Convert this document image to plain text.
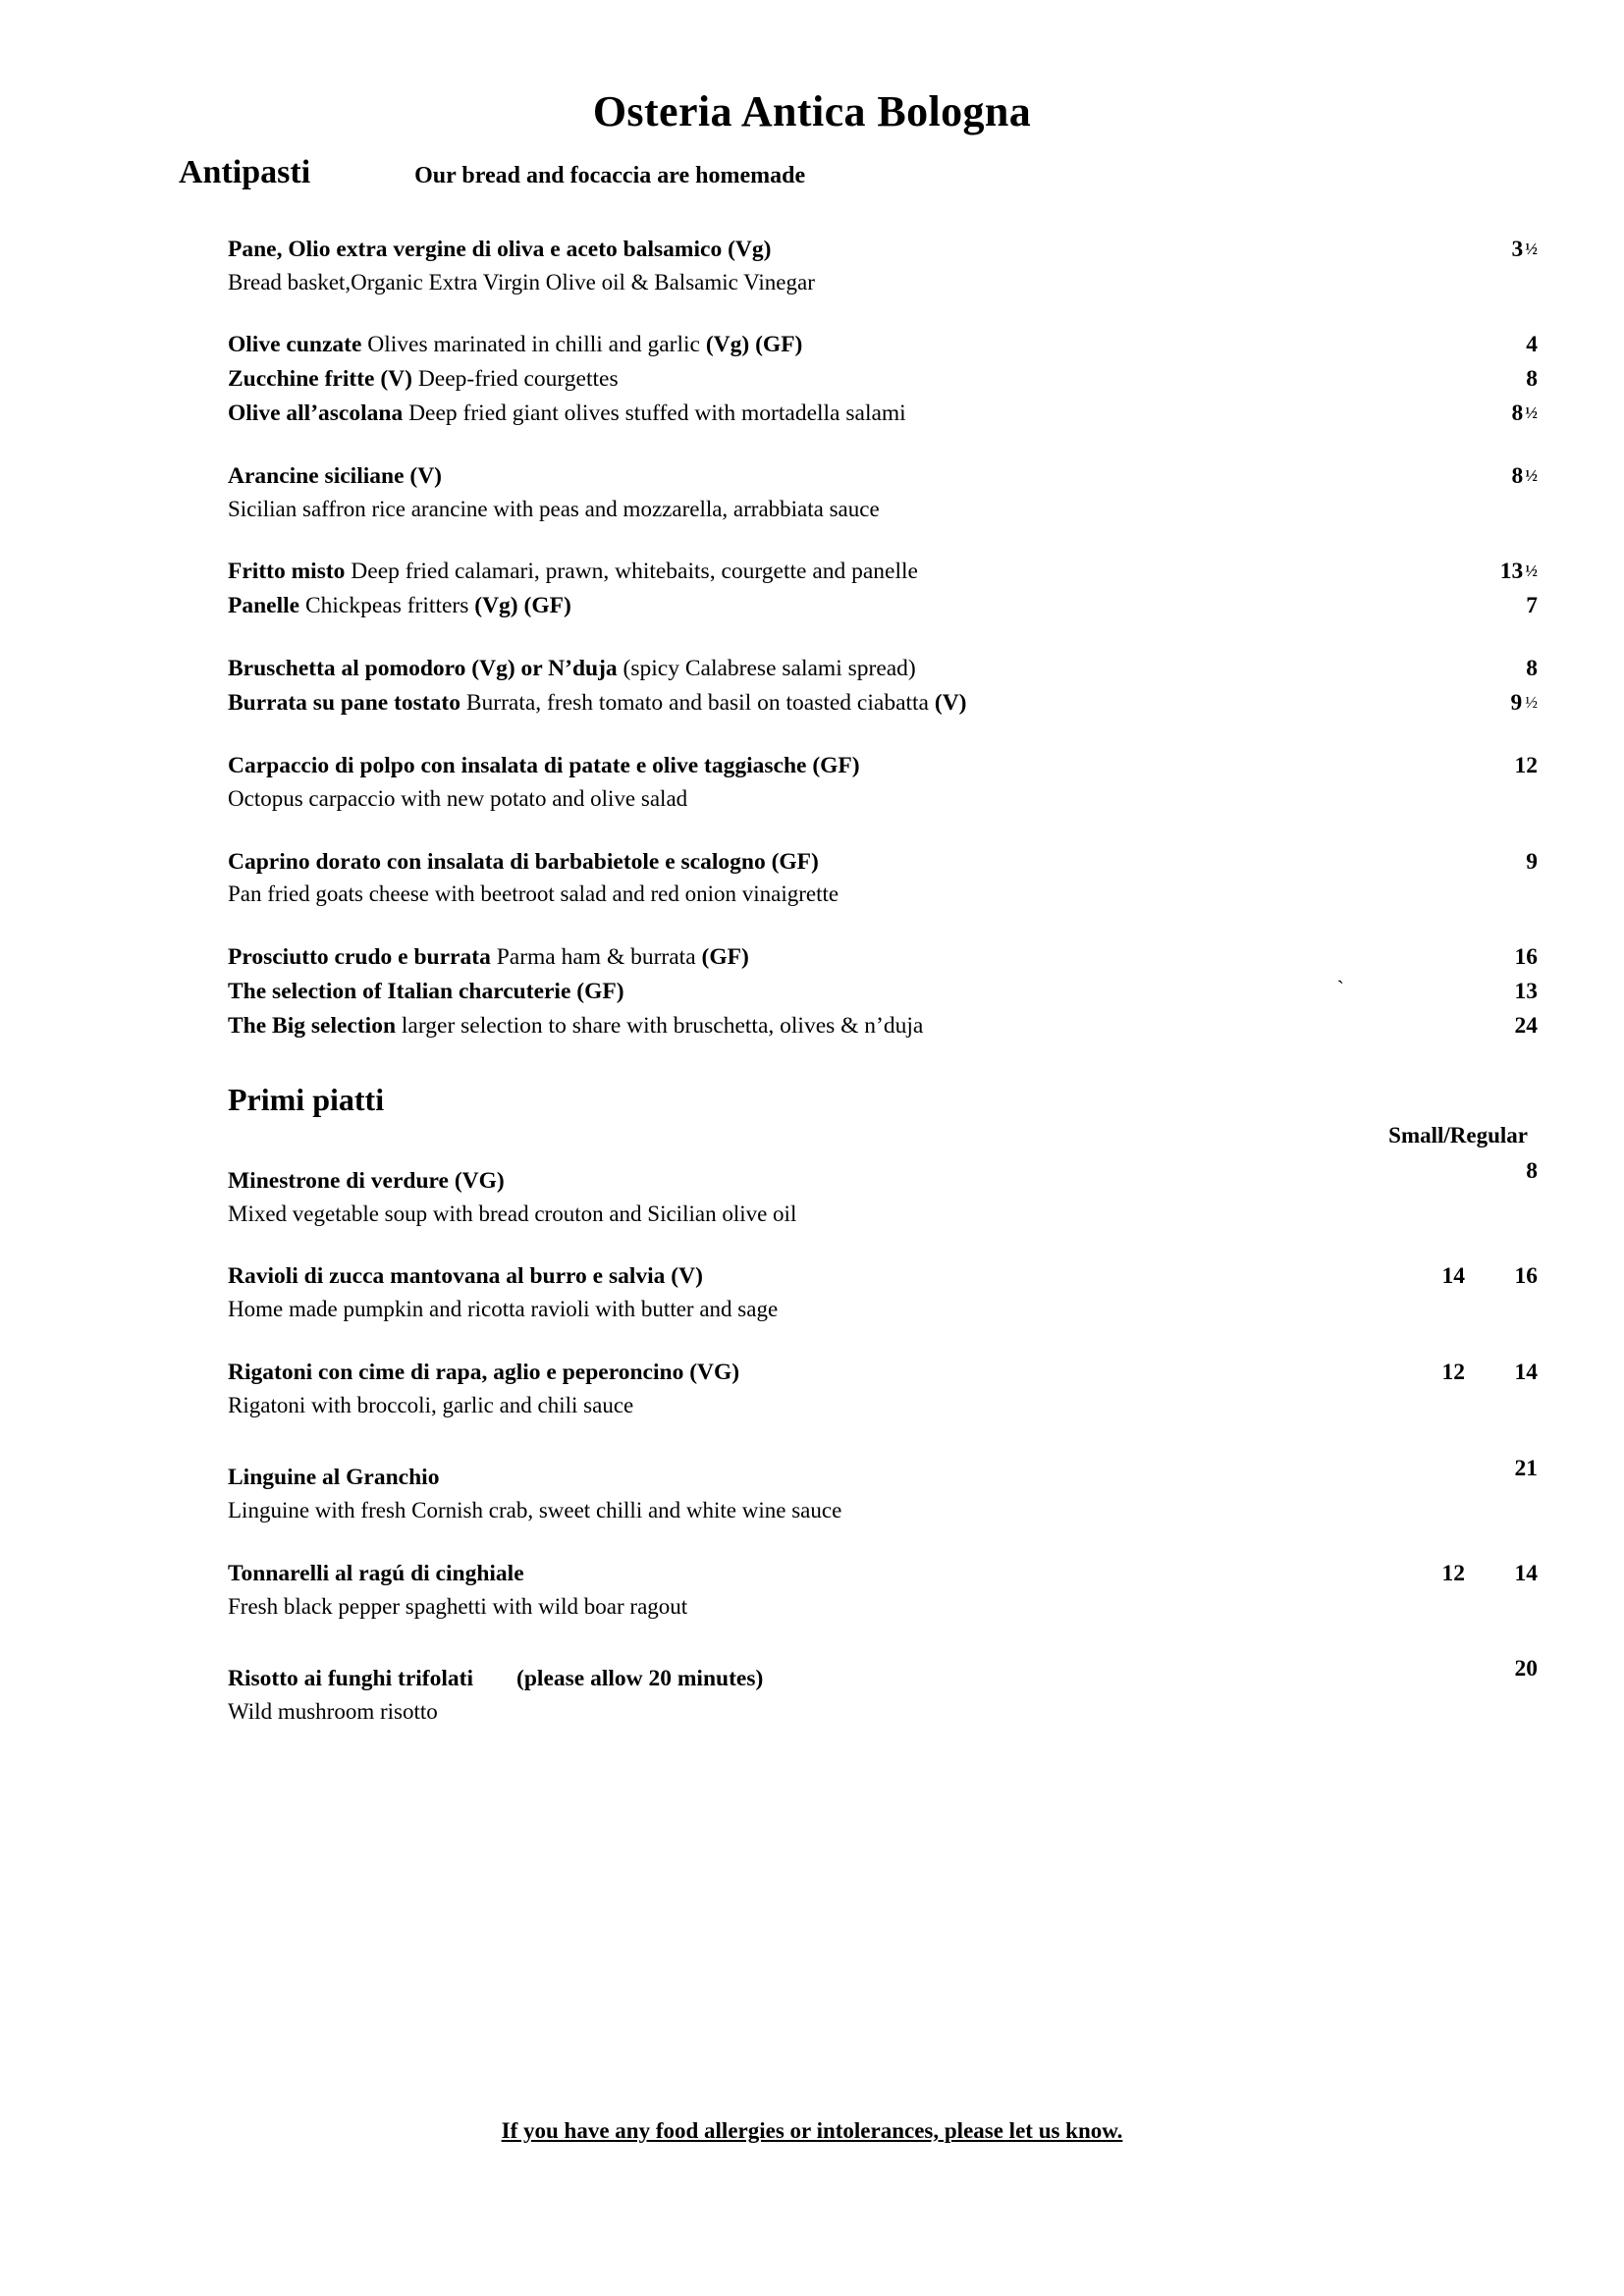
Osteria Antica Bologna
Antipasti	Our bread and focaccia are homemade
Pane, Olio extra vergine di oliva e aceto balsamico (Vg)	3 ½
Bread basket,Organic Extra Virgin Olive oil & Balsamic Vinegar
Olive cunzate Olives marinated in chilli and garlic (Vg) (GF)	4
Zucchine fritte (V) Deep-fried courgettes	8
Olive all’ascolana Deep fried giant olives stuffed with mortadella salami	8 ½
Arancine siciliane (V)	8 ½
Sicilian saffron rice arancine with peas and mozzarella, arrabbiata sauce
Fritto misto Deep fried calamari, prawn, whitebaits, courgette and panelle	13 ½
Panelle Chickpeas fritters (Vg) (GF)	7
Bruschetta al pomodoro (Vg) or N’duja (spicy Calabrese salami spread)	8
Burrata su pane tostato Burrata, fresh tomato and basil on toasted ciabatta (V)	9 ½
Carpaccio di polpo con insalata di patate e olive taggiasche (GF)	12
Octopus carpaccio with new potato and olive salad
Caprino dorato con insalata di barbabietole e scalogno (GF)	9
Pan fried goats cheese with beetroot salad and red onion vinaigrette
Prosciutto crudo e burrata Parma ham & burrata (GF)	16
The selection of Italian charcuterie (GF)	13
`
The Big selection larger selection to share with bruschetta, olives & n’duja	24
Primi piatti
Small/Regular
Minestrone di verdure (VG)	8
Mixed vegetable soup with bread crouton and Sicilian olive oil
Ravioli di zucca mantovana al burro e salvia (V)	14	16
Home made pumpkin and ricotta ravioli with butter and sage
Rigatoni con cime di rapa, aglio e peperoncino (VG)	12	14
Rigatoni with broccoli, garlic and chili sauce
Linguine al Granchio	21
Linguine with fresh Cornish crab, sweet chilli and white wine sauce
Tonnarelli al ragú di cinghiale	12	14
Fresh black pepper spaghetti with wild boar ragout
Risotto ai funghi trifolati (please allow 20 minutes)	20
Wild mushroom risotto
If you have any food allergies or intolerances, please let us know.
